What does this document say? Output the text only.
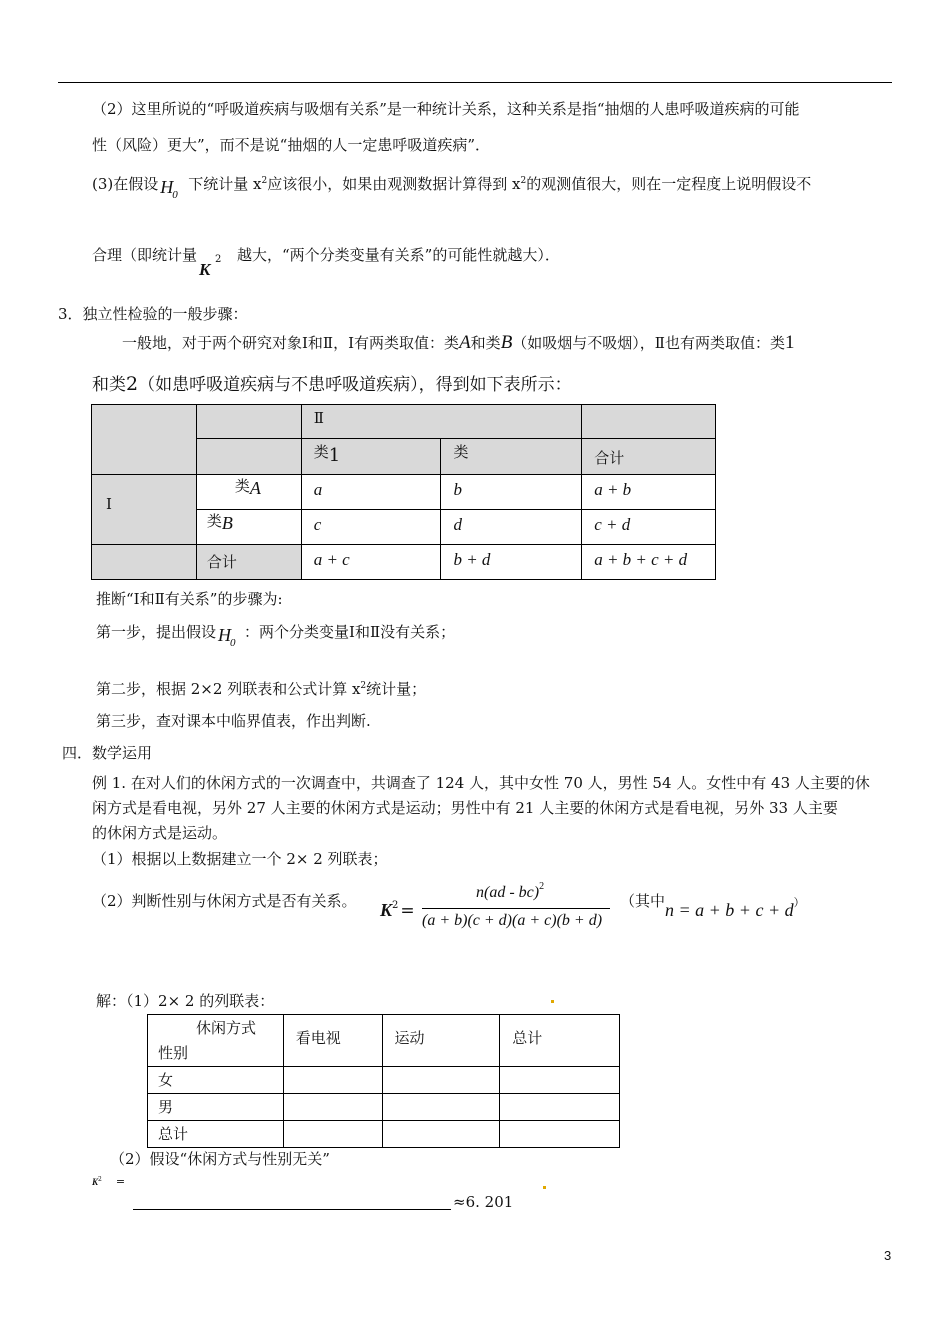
（2）这里所说的“呼吸道疾病与吸烟有关系”是一种统计关系，这种关系是指“抽烟的人患呼吸道疾病的可能
性（风险）更大”，而不是说“抽烟的人一定患呼吸道疾病”．
(3)在假设 H 0
下统计量 $x^2$应该很小，如果由观测数据计算得到 $x^2$的观测值很大，则在一定程度上说明假设不
合理（即统计量
K
2 越大，“两个分类变量有关系”的可能性就越大）．
3．独立性检验的一般步骤：
一般地，对于两个研究对象Ⅰ和Ⅱ，Ⅰ有两类取值：类A和类B（如吸烟与不吸烟），Ⅱ也有两类取值：类1
和类2（如患呼吸道疾病与不患呼吸道疾病），得到如下表所示：

		Ⅱ		

		类1	类	合计

Ⅰ	类A	a	b	a + b

	类B	c	d	c + d

	合计	a + c	b + d	a + b + c + d
推断“Ⅰ和Ⅱ有关系”的步骤为:
第一步，提出假设 H 0
：两个分类变量Ⅰ和Ⅱ没有关系；
第二步，根据 2×2 列联表和公式计算 $x^2$统计量；
第三步，查对课本中临界值表，作出判断.
四．数学运用
例 1. 在对人们的休闲方式的一次调查中，共调查了 124 人，其中女性 70 人，男性 54 人。女性中有 43 人主要的休
闲方式是看电视，另外 27 人主要的休闲方式是运动；男性中有 21 人主要的休闲方式是看电视，另外 33 人主要
的休闲方式是运动。
（1）根据以上数据建立一个 2× 2 列联表；
（2）判断性别与休闲方式是否有关系。 $K^2$ =
n(ad - bc)$^2$
(a + b)(c + d)(a + c)(b + d)
（其中n = a + b + c + d）
解：（1）2× 2 的列联表：
休闲方式
性别	看电视	运动	总计

女			

男			

总计			

（2）假设“休闲方式与性别无关”
$K^2$ =
≈6. 201
3
